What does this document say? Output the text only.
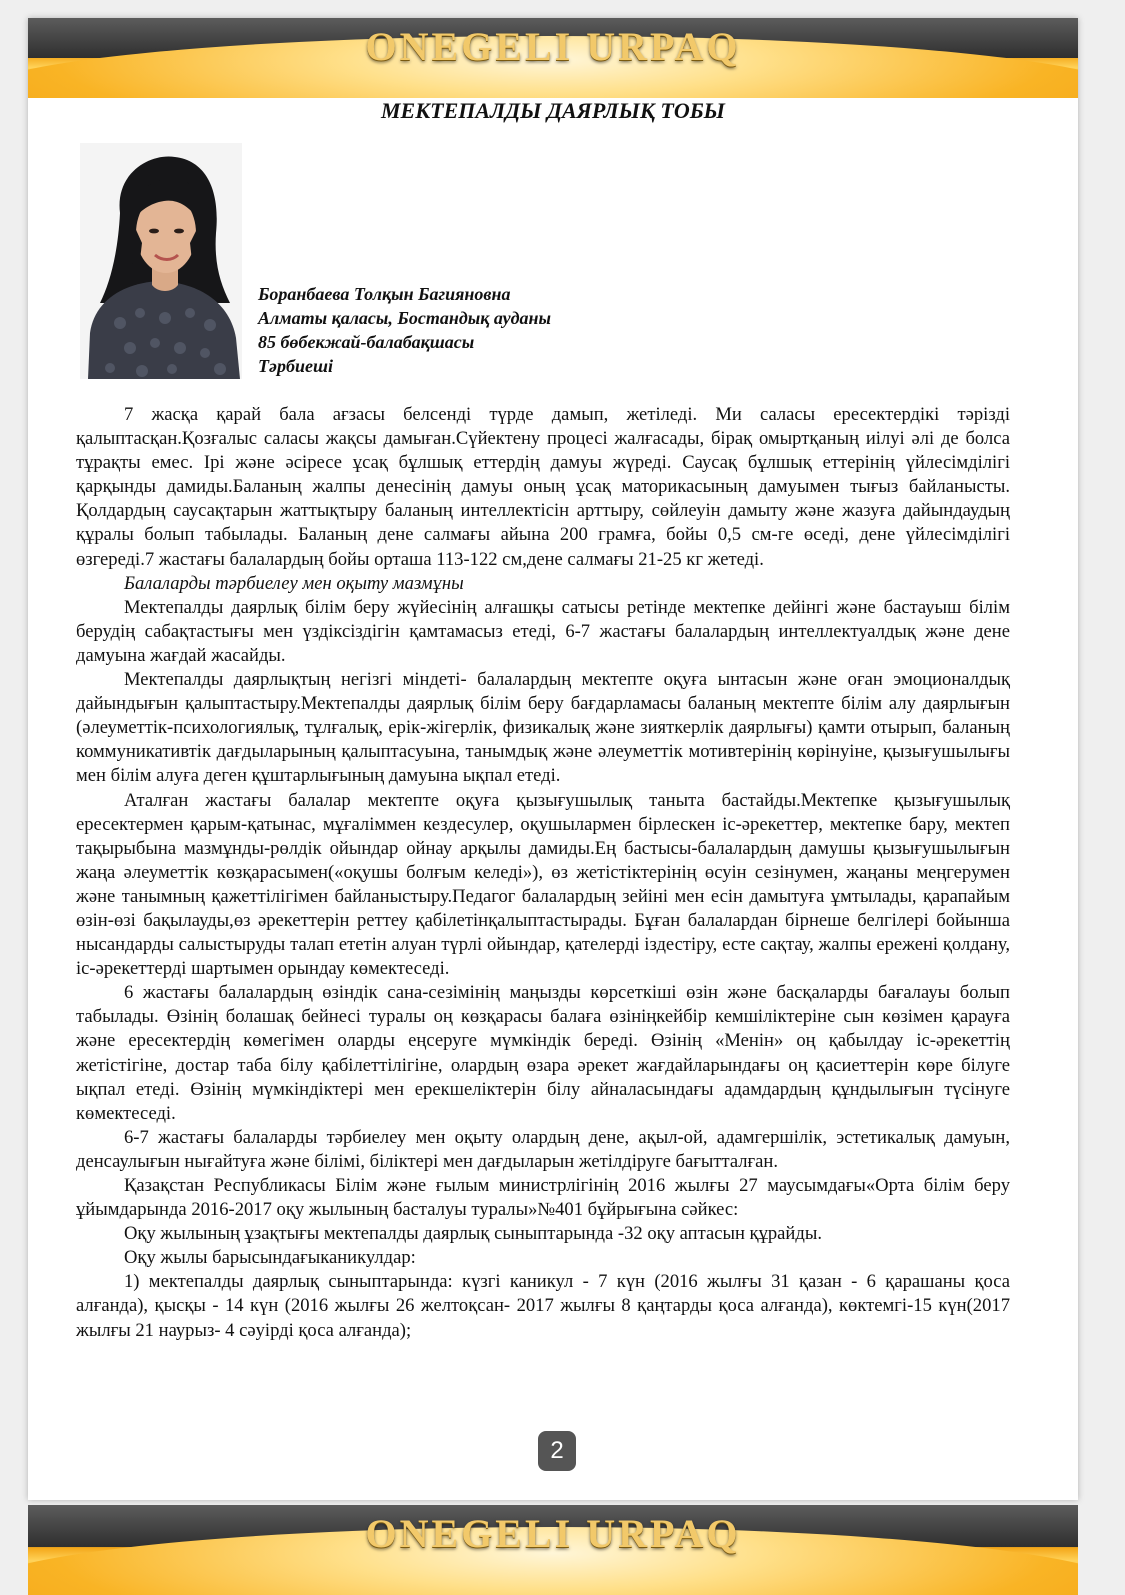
ONEGELI URPAQ
МЕКТЕПАЛДЫ ДАЯРЛЫҚ ТОБЫ
Боранбаева Толқын Багияновна
Алматы қаласы, Бостандық ауданы
85 бөбекжай-балабақшасы
Тәрбиеші

7 жасқа қарай бала ағзасы белсенді түрде дамып, жетіледі. Ми саласы ересектердікі тәрізді қалыптасқан.Қозғалыс саласы жақсы дамыған.Сүйектену процесі жалғасады, бірақ омыртқаның иілуі әлі де болса тұрақты емес. Ірі және әсіресе ұсақ бұлшық еттердің дамуы жүреді. Саусақ бұлшық еттерінің үйлесімділігі қарқынды дамиды.Баланың жалпы денесінің дамуы оның ұсақ маторикасының дамуымен тығыз байланысты. Қолдардың саусақтарын жаттықтыру баланың интеллектісін арттыру, сөйлеуін дамыту және жазуға дайындаудың құралы болып табылады. Баланың дене салмағы айына 200 грамға, бойы 0,5 см-ге өседі, дене үйлесімділігі өзгереді.7 жастағы балалардың бойы орташа 113-122 см,дене салмағы 21-25 кг жетеді.

Балаларды тәрбиелеу мен оқыту мазмұны

Мектепалды даярлық білім беру жүйесінің алғашқы сатысы ретінде мектепке дейінгі және бастауыш білім берудің сабақтастығы мен үздіксіздігін қамтамасыз етеді, 6-7 жастағы балалардың интеллектуалдық және дене дамуына жағдай жасайды.

Мектепалды даярлықтың негізгі міндеті- балалардың мектепте оқуға ынтасын және оған эмоционалдық дайындығын қалыптастыру.Мектепалды даярлық білім беру бағдарламасы баланың мектепте білім алу даярлығын (әлеуметтік-психологиялық, тұлғалық, ерік-жігерлік, физикалық және зияткерлік даярлығы) қамти отырып, баланың коммуникативтік дағдыларының қалыптасуына, танымдық және әлеуметтік мотивтерінің көрінуіне, қызығушылығы мен білім алуға деген құштарлығының дамуына ықпал етеді.

Аталған жастағы балалар мектепте оқуға қызығушылық таныта бастайды.Мектепке қызығушылық ересектермен қарым-қатынас, мұғаліммен кездесулер, оқушылармен бірлескен іс-әрекеттер, мектепке бару, мектеп тақырыбына мазмұнды-рөлдік ойындар ойнау арқылы дамиды.Ең бастысы-балалардың дамушы қызығушылығын жаңа әлеуметтік көзқарасымен(«оқушы болғым келеді»), өз жетістіктерінің өсуін сезінумен, жаңаны меңгерумен және танымның қажеттілігімен байланыстыру.Педагог балалардың зейіні мен есін дамытуға ұмтылады, қарапайым өзін-өзі бақылауды,өз әрекеттерін реттеу қабілетінқалыптастырады. Бұған балалардан бірнеше белгілері бойынша нысандарды салыстыруды талап ететін алуан түрлі ойындар, қателерді іздестіру, есте сақтау, жалпы ережені қолдану, іс-әрекеттерді шартымен орындау көмектеседі.

6 жастағы балалардың өзіндік сана-сезімінің маңызды көрсеткіші өзін және басқаларды бағалауы болып табылады. Өзінің болашақ бейнесі туралы оң көзқарасы балаға өзініңкейбір кемшіліктеріне сын көзімен қарауға және ересектердің көмегімен оларды еңсеруге мүмкіндік береді. Өзінің «Менін» оң қабылдау іс-әрекеттің жетістігіне, достар таба білу қабілеттілігіне, олардың өзара әрекет жағдайларындағы оң қасиеттерін көре білуге ықпал етеді. Өзінің мүмкіндіктері мен ерекшеліктерін білу айналасындағы адамдардың құндылығын түсінуге көмектеседі.

6-7 жастағы балаларды тәрбиелеу мен оқыту олардың дене, ақыл-ой, адамгершілік, эстетикалық дамуын, денсаулығын нығайтуға және білімі, біліктері мен дағдыларын жетілдіруге бағытталған.

Қазақстан Республикасы Білім және ғылым министрлігінің 2016 жылғы 27 маусымдағы«Орта білім беру ұйымдарында 2016-2017 оқу жылының басталуы туралы»№401 бұйрығына сәйкес:

Оқу жылының ұзақтығы мектепалды даярлық сыныптарында -32 оқу аптасын құрайды.

Оқу жылы барысындағыканикулдар:

1) мектепалды даярлық сыныптарында: күзгі каникул - 7 күн (2016 жылғы 31 қазан - 6 қарашаны қоса алғанда), қысқы - 14 күн (2016 жылғы 26 желтоқсан- 2017 жылғы 8 қаңтарды қоса алғанда), көктемгі-15 күн(2017 жылғы 21 наурыз- 4 сәуірді қоса алғанда);

2
ONEGELI URPAQ
